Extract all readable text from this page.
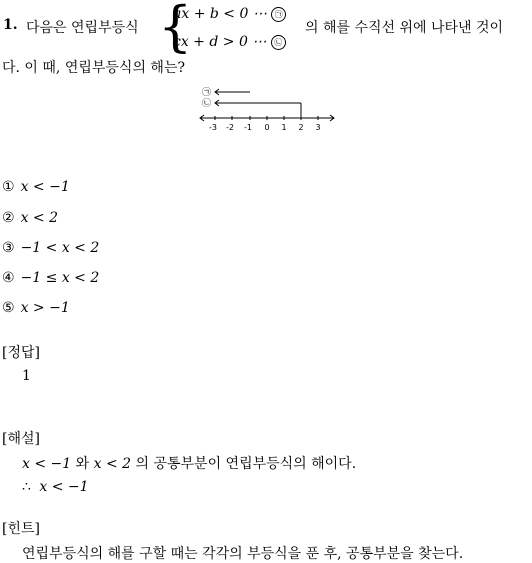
1. 다음은 연립부등식 {
ax + b < 0 ⋯ ㉠
cx + d > 0 ⋯ ㉡
의 해를 수직선 위에 나타낸 것이
다. 이 때, 연립부등식의 해는?
㉠
㉡
-3 -2 -1 0 1 2 3
① x < −1
② x < 2
③ −1 < x < 2
④ −1 ≤ x < 2
⑤ x > −1
[정답]
1
[해설]
x < −1 와 x < 2 의 공통부분이 연립부등식의 해이다.
∴ x < −1
[힌트]
연립부등식의 해를 구할 때는 각각의 부등식을 푼 후, 공통부분을 찾는다.
